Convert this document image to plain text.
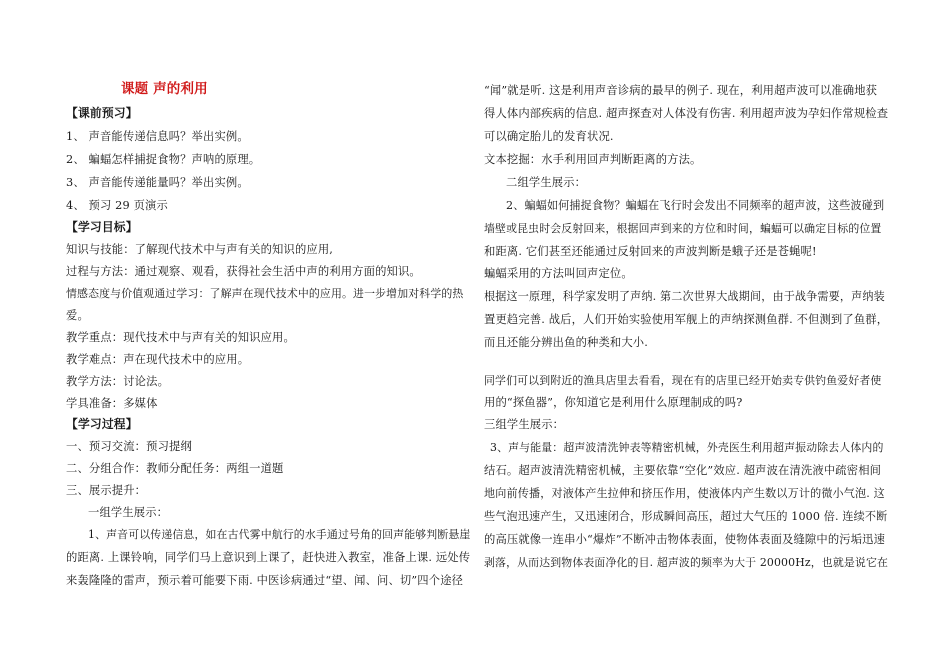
课题 声的利用
【课前预习】
1、 声音能传递信息吗？举出实例。
2、 蝙蝠怎样捕捉食物？声呐的原理。
3、 声音能传递能量吗？举出实例。
4、 预习 29 页演示
【学习目标】
知识与技能：了解现代技术中与声有关的知识的应用,
过程与方法：通过观察、观看，获得社会生活中声的利用方面的知识。
情感态度与价值观通过学习：了解声在现代技术中的应用。进一步增加对科学的热
爱。
教学重点：现代技术中与声有关的知识应用。
教学难点：声在现代技术中的应用。
教学方法：讨论法。
学具准备：多媒体
【学习过程】
一、预习交流：预习提纲
二、分组合作：教师分配任务：两组一道题
三、展示提升：
一组学生展示：
1、声音可以传递信息，如在古代雾中航行的水手通过号角的回声能够判断悬崖
的距离. 上课铃响，同学们马上意识到上课了，赶快进入教室，准备上课. 远处传
来轰隆隆的雷声，预示着可能要下雨. 中医诊病通过“望、闻、问、切”四个途径
“闻”就是听. 这是利用声音诊病的最早的例子. 现在，利用超声波可以准确地获
得人体内部疾病的信息. 超声探查对人体没有伤害. 利用超声波为孕妇作常规检查
可以确定胎儿的发育状况.
文本挖掘：水手利用回声判断距离的方法。
二组学生展示：
2、蝙蝠如何捕捉食物？蝙蝠在飞行时会发出不同频率的超声波，这些波碰到
墙壁或昆虫时会反射回来，根据回声到来的方位和时间，蝙蝠可以确定目标的位置
和距离. 它们甚至还能通过反射回来的声波判断是蛾子还是苍蝇呢!
蝙蝠采用的方法叫回声定位。
根据这一原理，科学家发明了声纳. 第二次世界大战期间，由于战争需要，声纳装
置更趋完善. 战后，人们开始实验使用军舰上的声纳探测鱼群. 不但测到了鱼群，
而且还能分辨出鱼的种类和大小.
同学们可以到附近的渔具店里去看看，现在有的店里已经开始卖专供钓鱼爱好者使
用的“探鱼器”，你知道它是利用什么原理制成的吗?
三组学生展示：
3、声与能量：超声波清洗钟表等精密机械，外壳医生利用超声振动除去人体内的
结石。超声波清洗精密机械，主要依靠“空化”效应. 超声波在清洗液中疏密相间
地向前传播，对液体产生拉伸和挤压作用，使液体内产生数以万计的微小气泡. 这
些气泡迅速产生，又迅速闭合，形成瞬间高压，超过大气压的 1000 倍. 连续不断
的高压就像一连串小“爆炸”不断冲击物体表面，使物体表面及缝隙中的污垢迅速
剥落，从而达到物体表面净化的目. 超声波的频率为大于 20000Hz，也就是说它在
